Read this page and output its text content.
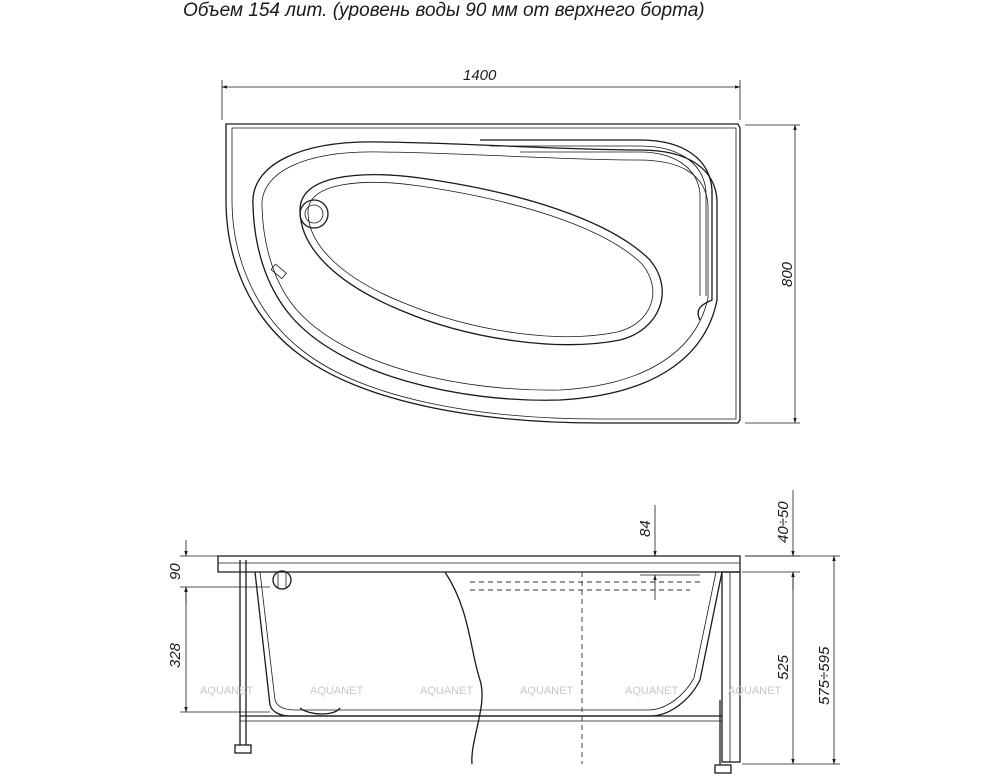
Объем 154 лит. (уровень воды 90 мм от верхнего борта)
1400
800
AQUANET	AQUANET	AQUANET	AQUANET	AQUANET	AQUANET
90
328
84	40÷50
525 575÷595
